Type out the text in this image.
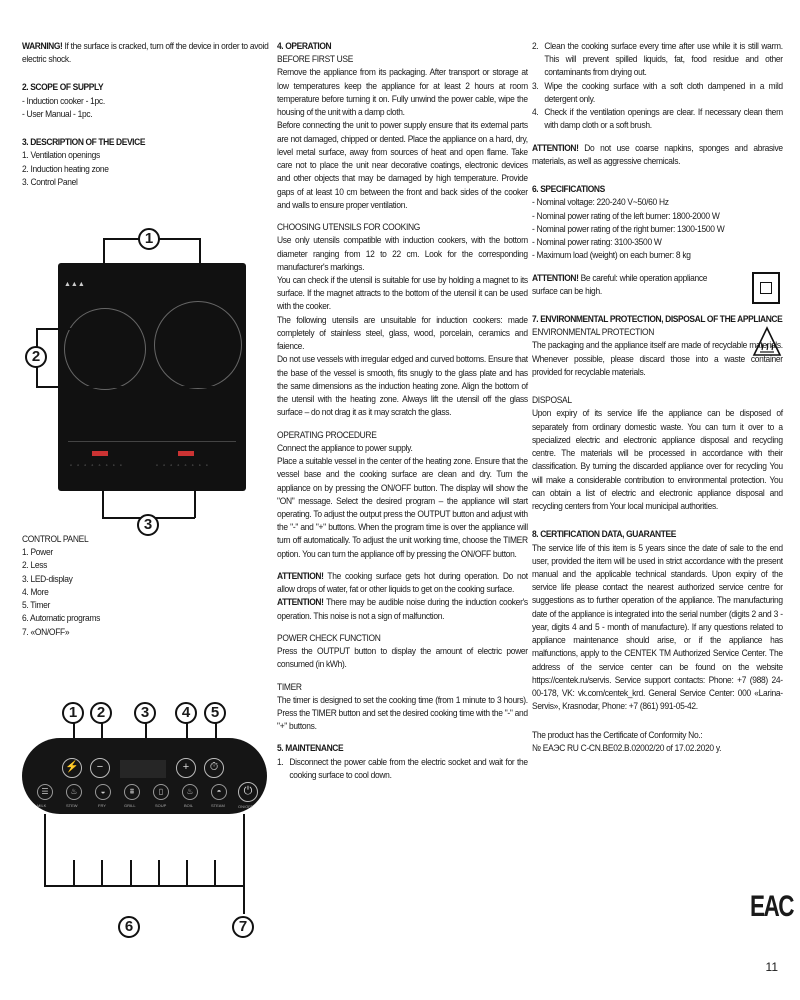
WARNING! If the surface is cracked, turn off the device in order to avoid electric shock.
2. SCOPE OF SUPPLY
- Induction cooker - 1pc.
- User Manual - 1pc.
3. DESCRIPTION OF THE DEVICE
1. Ventilation openings
2. Induction heating zone
3. Control Panel
CONTROL PANEL
1. Power
2. Less
3. LED-display
4. More
5. Timer
6. Automatic programs
7. «ON/OFF»
▲▲▲
◦◦◦◦◦◦◦◦	◦◦◦◦◦◦◦◦
1
2
3
⚡	−	+	⏱
☰	♨	◒	⩩	▯	♨	◓	⏻
MILK	STEW	FRY	GRILL	SOUP	BOIL	STEAM	ON/OFF
1	2	3	4	5
6	7
4. OPERATION
BEFORE FIRST USE

Remove the appliance from its packaging. After transport or storage at low temperatures keep the appliance for at least 2 hours at room temperature before turning it on. Fully unwind the power cable, wipe the housing of the unit with a damp cloth.

Before connecting the unit to power supply ensure that its external parts are not damaged, chipped or dented. Place the appliance on a hard, dry, level metal surface, away from sources of heat and open flame. Take care not to place the unit near decorative coatings, electronic devices and other objects that may be damaged by high temperature. Provide gaps of at least 10 cm between the front and back sides of the cooker and walls to ensure proper ventilation.

CHOOSING UTENSILS FOR COOKING

Use only utensils compatible with induction cookers, with the bottom diameter ranging from 12 to 22 cm. Look for the corresponding manufacturer's markings.

You can check if the utensil is suitable for use by holding a magnet to its surface. If the magnet attracts to the bottom of the utensil it can be used with the cooker.

The following utensils are unsuitable for induction cookers: made completely of stainless steel, glass, wood, porcelain, ceramics and faience.

Do not use vessels with irregular edged and curved bottoms. Ensure that the base of the vessel is smooth, fits snugly to the glass plate and has the same dimensions as the induction heating zone. Align the bottom of the utensil with the heating zone. Always lift the utensil off the glass surface – do not drag it as it may scratch the glass.

OPERATING PROCEDURE

Connect the appliance to power supply.

Place a suitable vessel in the center of the heating zone. Ensure that the vessel base and the cooking surface are clean and dry. Turn the appliance on by pressing the ON/OFF button. The display will show the "ON" message. Select the desired program – the appliance will start operating. To adjust the output press the OUTPUT button and adjust with the "-" and "+" buttons. When the program time is over the appliance will turn off automatically. To adjust the unit working time, choose the TIMER option. You can turn the appliance off by pressing the ON/OFF button.

ATTENTION! The cooking surface gets hot during operation. Do not allow drops of water, fat or other liquids to get on the cooking surface.

ATTENTION! There may be audible noise during the induction cooker's operation. This noise is not a sign of malfunction.

POWER CHECK FUNCTION

Press the OUTPUT button to display the amount of electric power consumed (in kWh).

TIMER

The timer is designed to set the cooking time (from 1 minute to 3 hours). Press the TIMER button and set the desired cooking time with the "-" and "+" buttons.

5. MAINTENANCE
1. Disconnect the power cable from the electric socket and wait for the cooking surface to cool down.
2. Clean the cooking surface every time after use while it is still warm. This will prevent spilled liquids, fat, food residue and other contaminants from drying out.
3. Wipe the cooking surface with a soft cloth dampened in a mild detergent only.
4. Check if the ventilation openings are clear. If necessary clean them with damp cloth or a soft brush.

ATTENTION! Do not use coarse napkins, sponges and abrasive materials, as well as aggressive chemicals.

6. SPECIFICATIONS
- Nominal voltage: 220-240 V~50/60 Hz
- Nominal power rating of the left burner: 1800-2000 W
- Nominal power rating of the right burner: 1300-1500 W
- Nominal power rating: 3100-3500 W
- Maximum load (weight) on each burner: 8 kg
ATTENTION! Be careful: while operation appliance
surface can be high.
7. ENVIRONMENTAL PROTECTION, DISPOSAL OF THE APPLIANCE
ENVIRONMENTAL PROTECTION

The packaging and the appliance itself are made of recyclable materials. Whenever possible, please discard those into a waste container provided for recyclable materials.

DISPOSAL

Upon expiry of its service life the appliance can be disposed of separately from ordinary domestic waste. You can turn it over to a specialized electric and electronic appliance disposal and recycling centre. The materials will be processed in accordance with their classification. By turning the discarded appliance over for recycling You will make a considerable contribution to environmental protection. You can obtain a list of electric and electronic appliance disposal and recycling centers from Your local municipal authorities.

8. CERTIFICATION DATA, GUARANTEE

The service life of this item is 5 years since the date of sale to the end user, provided the item will be used in strict accordance with the present manual and the applicable technical standards. Upon expiry of the service life please contact the nearest authorized service centre for suggestions as to further operation of the appliance. The manufacturing date of the appliance is integrated into the serial number (digits 2 and 3 - year, digits 4 and 5 - month of manufacture). If any questions related to appliance maintenance should arise, or if the appliance has malfunctions, apply to the CENTEK TM Authorized Service Center. The address of the service center can be found on the website https://centek.ru/servis. Service support contacts: Phone: +7 (988) 24-00-178, VK: vk.com/centek_krd. General Service Center: 000 «Larina-Servis», Krasnodar, Phone: +7 (861) 991-05-42.

The product has the Certificate of Conformity No.:
№ EAЭС RU C-CN.BE02.B.02002/20 of 17.02.2020 y.
EAC
11
